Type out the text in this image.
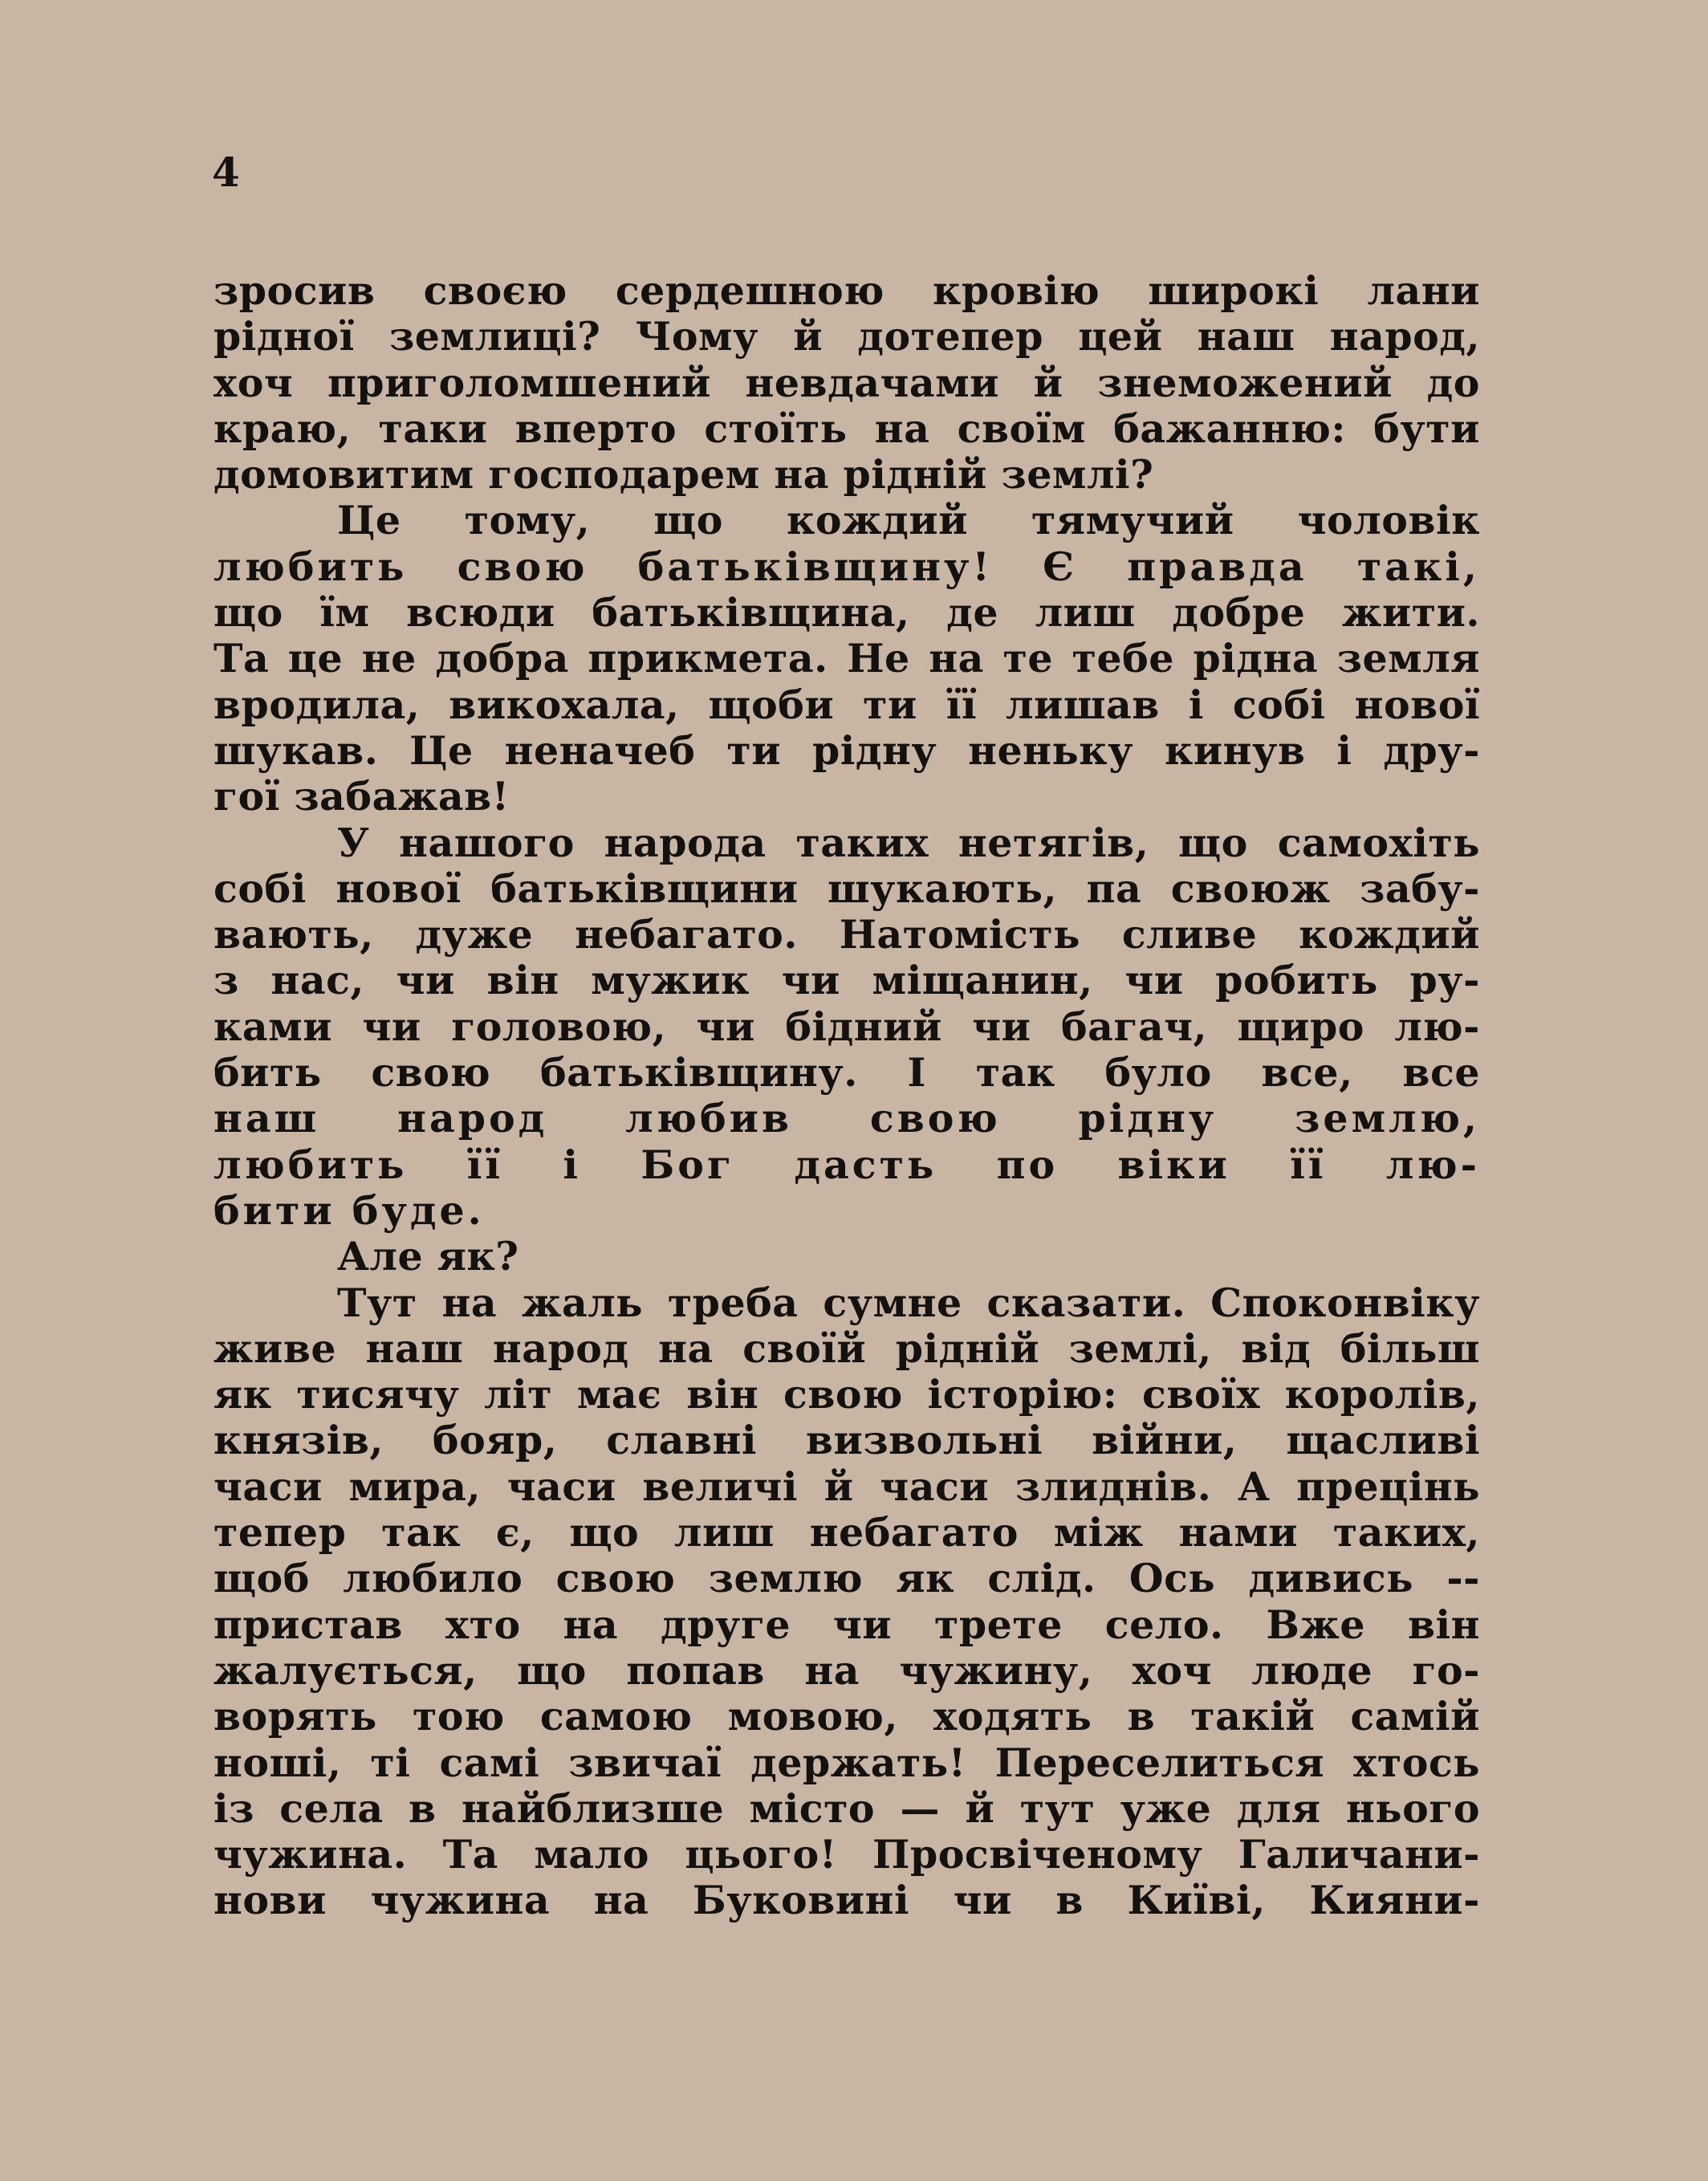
4
зросив своєю сердешною кровію широкі лани
рідної землиці? Чому й дотепер цей наш народ,
хоч приголомшений невдачами й знеможений до
краю, таки вперто стоїть на своїм бажанню: бути
домовитим господарем на рідній землі?
Це тому, що кождий тямучий чоловік
любить свою батьківщину! Є правда такі,
що їм всюди батьківщина, де лиш добре жити.
Та це не добра прикмета. Не на те тебе рідна земля
вродила, викохала, щоби ти її лишав і собі нової
шукав. Це неначеб ти рідну неньку кинув і дру-
гої забажав!
У нашого народа таких нетягів, що самохіть
собі нової батьківщини шукають, па своюж забу-
вають, дуже небагато. Натомість сливе кождий
з нас, чи він мужик чи міщанин, чи робить ру-
ками чи головою, чи бідний чи багач, щиро лю-
бить свою батьківщину. І так було все, все
наш народ любив свою рідну землю,
любить її і Бог дасть по віки її лю-
бити буде.
Але як?
Тут на жаль треба сумне сказати. Споконвіку
живе наш народ на своїй рідній землі, від більш
як тисячу літ має він свою історію: своїх королів,
князів, бояр, славні визвольні війни, щасливі
часи мира, часи величі й часи злиднів. А прецінь
тепер так є, що лиш небагато між нами таких,
щоб любило свою землю як слід. Ось дивись --
пристав хто на друге чи трете село. Вже він
жалується, що попав на чужину, хоч люде го-
ворять тою самою мовою, ходять в такій самій
ноші, ті самі звичаї держать! Переселиться хтось
із села в найблизше місто — й тут уже для нього
чужина. Та мало цього! Просвіченому Галичани-
нови чужина на Буковині чи в Київі, Кияни-
